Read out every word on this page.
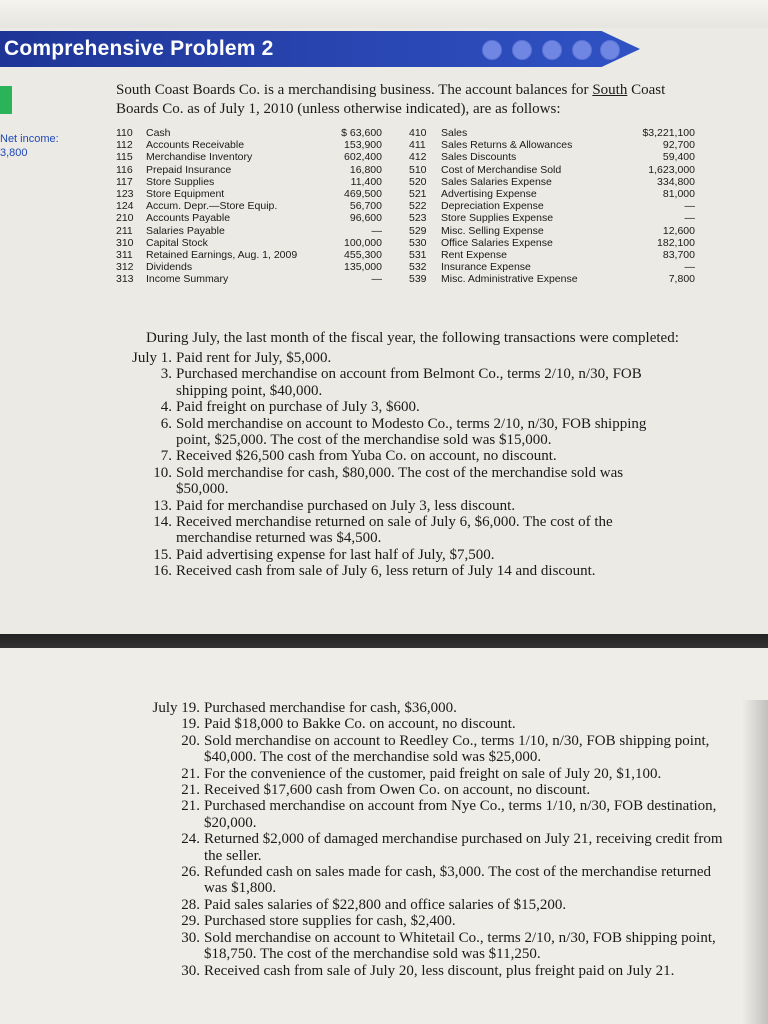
Comprehensive Problem 2
Net income:
3,800
South Coast Boards Co. is a merchandising business. The account balances for South Coast Boards Co. as of July 1, 2010 (unless otherwise indicated), are as follows:
110	Cash	$ 63,600
112	Accounts Receivable	153,900
115	Merchandise Inventory	602,400
116	Prepaid Insurance	16,800
117	Store Supplies	11,400
123	Store Equipment	469,500
124	Accum. Depr.—Store Equip.	56,700
210	Accounts Payable	96,600
211	Salaries Payable	—
310	Capital Stock	100,000
311	Retained Earnings, Aug. 1, 2009	455,300
312	Dividends	135,000
313	Income Summary	—
410	Sales	$3,221,100
411	Sales Returns & Allowances	92,700
412	Sales Discounts	59,400
510	Cost of Merchandise Sold	1,623,000
520	Sales Salaries Expense	334,800
521	Advertising Expense	81,000
522	Depreciation Expense	—
523	Store Supplies Expense	—
529	Misc. Selling Expense	12,600
530	Office Salaries Expense	182,100
531	Rent Expense	83,700
532	Insurance Expense	—
539	Misc. Administrative Expense	7,800
During July, the last month of the fiscal year, the following transactions were completed:
July 1. Paid rent for July, $5,000.
3. Purchased merchandise on account from Belmont Co., terms 2/10, n/30, FOB shipping point, $40,000.
4. Paid freight on purchase of July 3, $600.
6. Sold merchandise on account to Modesto Co., terms 2/10, n/30, FOB shipping point, $25,000. The cost of the merchandise sold was $15,000.
7. Received $26,500 cash from Yuba Co. on account, no discount.
10. Sold merchandise for cash, $80,000. The cost of the merchandise sold was $50,000.
13. Paid for merchandise purchased on July 3, less discount.
14. Received merchandise returned on sale of July 6, $6,000. The cost of the merchandise returned was $4,500.
15. Paid advertising expense for last half of July, $7,500.
16. Received cash from sale of July 6, less return of July 14 and discount.
July 19. Purchased merchandise for cash, $36,000.
19. Paid $18,000 to Bakke Co. on account, no discount.
20. Sold merchandise on account to Reedley Co., terms 1/10, n/30, FOB shipping point, $40,000. The cost of the merchandise sold was $25,000.
21. For the convenience of the customer, paid freight on sale of July 20, $1,100.
21. Received $17,600 cash from Owen Co. on account, no discount.
21. Purchased merchandise on account from Nye Co., terms 1/10, n/30, FOB destination, $20,000.
24. Returned $2,000 of damaged merchandise purchased on July 21, receiving credit from the seller.
26. Refunded cash on sales made for cash, $3,000. The cost of the merchandise returned was $1,800.
28. Paid sales salaries of $22,800 and office salaries of $15,200.
29. Purchased store supplies for cash, $2,400.
30. Sold merchandise on account to Whitetail Co., terms 2/10, n/30, FOB shipping point, $18,750. The cost of the merchandise sold was $11,250.
30. Received cash from sale of July 20, less discount, plus freight paid on July 21.
